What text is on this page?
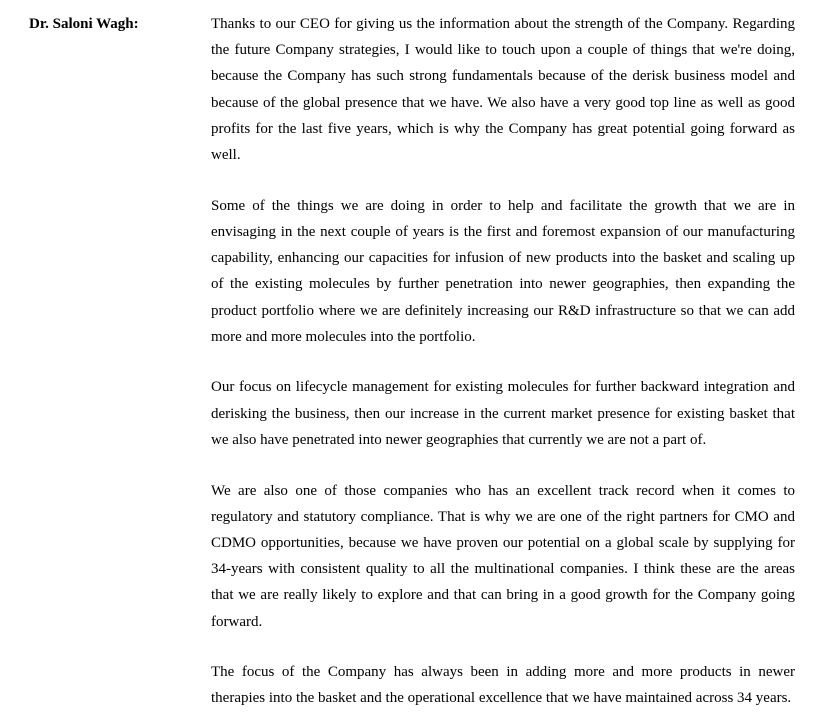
Dr. Saloni Wagh:	Thanks to our CEO for giving us the information about the strength of the Company. Regarding the future Company strategies, I would like to touch upon a couple of things that we're doing, because the Company has such strong fundamentals because of the derisk business model and because of the global presence that we have. We also have a very good top line as well as good profits for the last five years, which is why the Company has great potential going forward as well.

Some of the things we are doing in order to help and facilitate the growth that we are in envisaging in the next couple of years is the first and foremost expansion of our manufacturing capability, enhancing our capacities for infusion of new products into the basket and scaling up of the existing molecules by further penetration into newer geographies, then expanding the product portfolio where we are definitely increasing our R&D infrastructure so that we can add more and more molecules into the portfolio.

Our focus on lifecycle management for existing molecules for further backward integration and derisking the business, then our increase in the current market presence for existing basket that we also have penetrated into newer geographies that currently we are not a part of.

We are also one of those companies who has an excellent track record when it comes to regulatory and statutory compliance. That is why we are one of the right partners for CMO and CDMO opportunities, because we have proven our potential on a global scale by supplying for 34-years with consistent quality to all the multinational companies. I think these are the areas that we are really likely to explore and that can bring in a good growth for the Company going forward.

The focus of the Company has always been in adding more and more products in newer therapies into the basket and the operational excellence that we have maintained across 34 years.
